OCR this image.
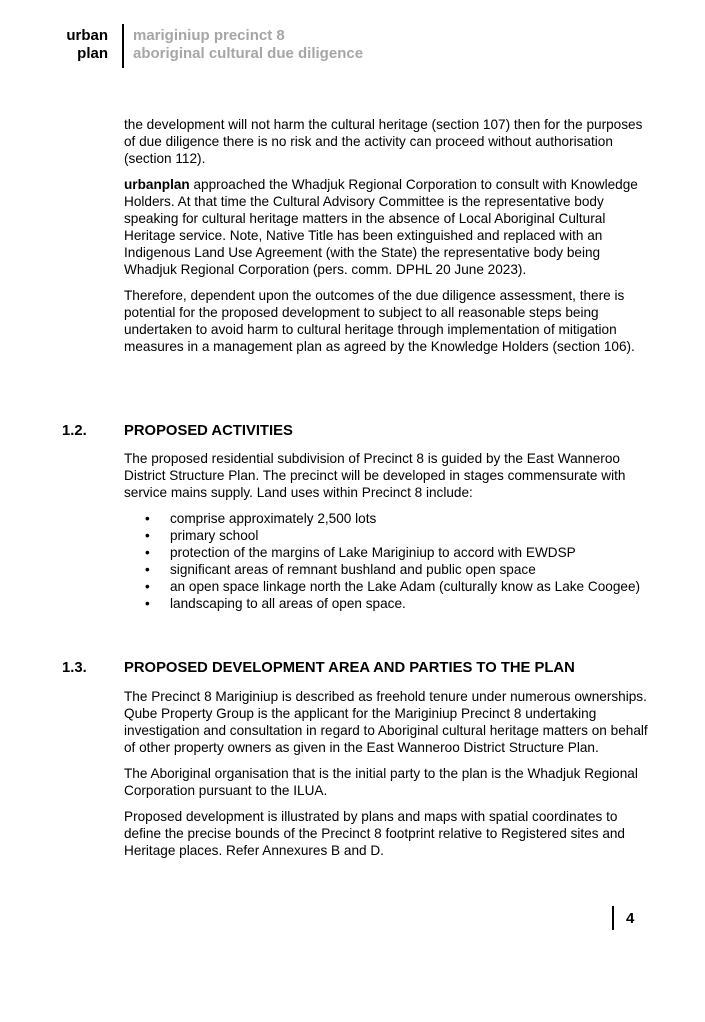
urban
plan
mariginiup precinct 8
aboriginal cultural due diligence

the development will not harm the cultural heritage (section 107) then for the purposes of due diligence there is no risk and the activity can proceed without authorisation (section 112).

urbanplan approached the Whadjuk Regional Corporation to consult with Knowledge Holders. At that time the Cultural Advisory Committee is the representative body speaking for cultural heritage matters in the absence of Local Aboriginal Cultural Heritage service. Note, Native Title has been extinguished and replaced with an Indigenous Land Use Agreement (with the State) the representative body being Whadjuk Regional Corporation (pers. comm. DPHL 20 June 2023).

Therefore, dependent upon the outcomes of the due diligence assessment, there is potential for the proposed development to subject to all reasonable steps being undertaken to avoid harm to cultural heritage through implementation of mitigation measures in a management plan as agreed by the Knowledge Holders (section 106).

1.2.	PROPOSED ACTIVITIES

The proposed residential subdivision of Precinct 8 is guided by the East Wanneroo District Structure Plan. The precinct will be developed in stages commensurate with service mains supply. Land uses within Precinct 8 include:

• comprise approximately 2,500 lots
• primary school
• protection of the margins of Lake Mariginiup to accord with EWDSP
• significant areas of remnant bushland and public open space
• an open space linkage north the Lake Adam (culturally know as Lake Coogee)
• landscaping to all areas of open space.
1.3.	PROPOSED DEVELOPMENT AREA AND PARTIES TO THE PLAN

The Precinct 8 Mariginiup is described as freehold tenure under numerous ownerships. Qube Property Group is the applicant for the Mariginiup Precinct 8 undertaking investigation and consultation in regard to Aboriginal cultural heritage matters on behalf of other property owners as given in the East Wanneroo District Structure Plan.

The Aboriginal organisation that is the initial party to the plan is the Whadjuk Regional Corporation pursuant to the ILUA.

Proposed development is illustrated by plans and maps with spatial coordinates to define the precise bounds of the Precinct 8 footprint relative to Registered sites and Heritage places. Refer Annexures B and D.

4
